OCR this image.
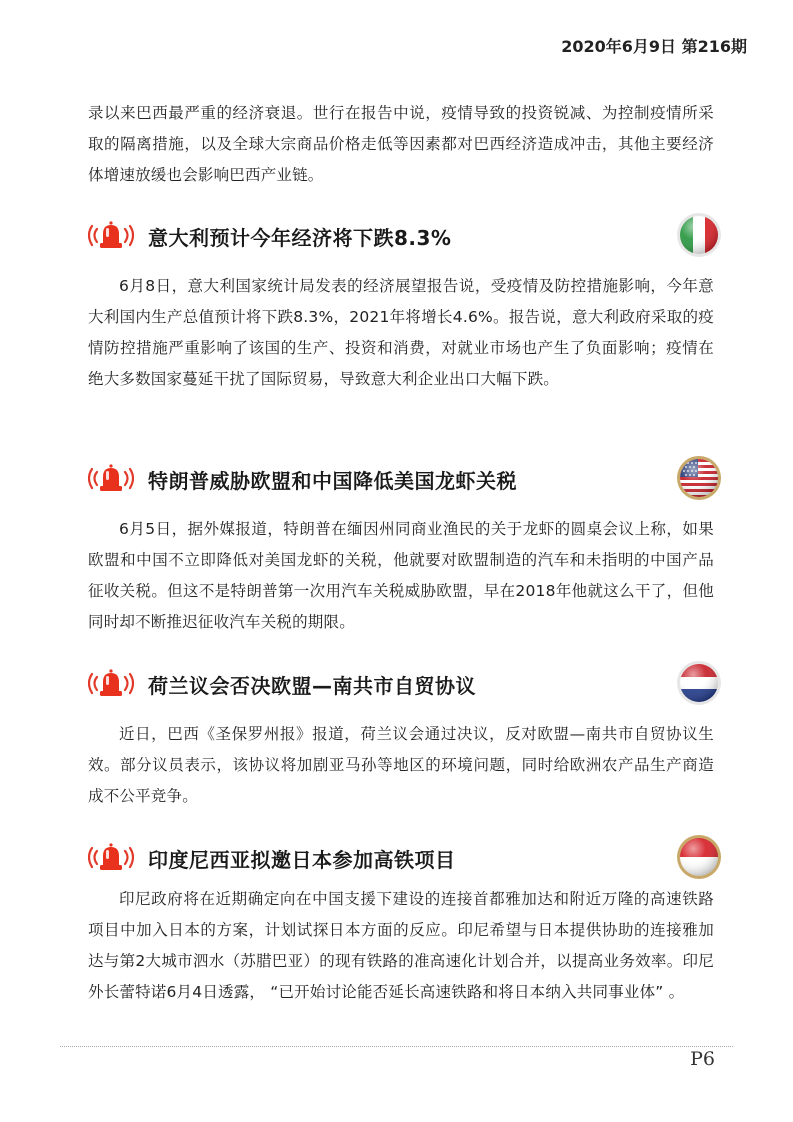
2020年6月9日 第216期

录以来巴西最严重的经济衰退。世行在报告中说，疫情导致的投资锐减、为控制疫情所采取的隔离措施，以及全球大宗商品价格走低等因素都对巴西经济造成冲击，其他主要经济体增速放缓也会影响巴西产业链。

意大利预计今年经济将下跌8.3%

6月8日，意大利国家统计局发表的经济展望报告说，受疫情及防控措施影响，今年意大利国内生产总值预计将下跌8.3%，2021年将增长4.6%。报告说，意大利政府采取的疫情防控措施严重影响了该国的生产、投资和消费，对就业市场也产生了负面影响；疫情在绝大多数国家蔓延干扰了国际贸易，导致意大利企业出口大幅下跌。

特朗普威胁欧盟和中国降低美国龙虾关税

6月5日，据外媒报道，特朗普在缅因州同商业渔民的关于龙虾的圆桌会议上称，如果欧盟和中国不立即降低对美国龙虾的关税，他就要对欧盟制造的汽车和未指明的中国产品征收关税。但这不是特朗普第一次用汽车关税威胁欧盟，早在2018年他就这么干了，但他同时却不断推迟征收汽车关税的期限。

荷兰议会否决欧盟—南共市自贸协议

近日，巴西《圣保罗州报》报道，荷兰议会通过决议，反对欧盟—南共市自贸协议生效。部分议员表示，该协议将加剧亚马孙等地区的环境问题，同时给欧洲农产品生产商造成不公平竞争。

印度尼西亚拟邀日本参加高铁项目

印尼政府将在近期确定向在中国支援下建设的连接首都雅加达和附近万隆的高速铁路项目中加入日本的方案，计划试探日本方面的反应。印尼希望与日本提供协助的连接雅加达与第2大城市泗水（苏腊巴亚）的现有铁路的准高速化计划合并，以提高业务效率。印尼外长蕾特诺6月4日透露， “已开始讨论能否延长高速铁路和将日本纳入共同事业体” 。

P6
